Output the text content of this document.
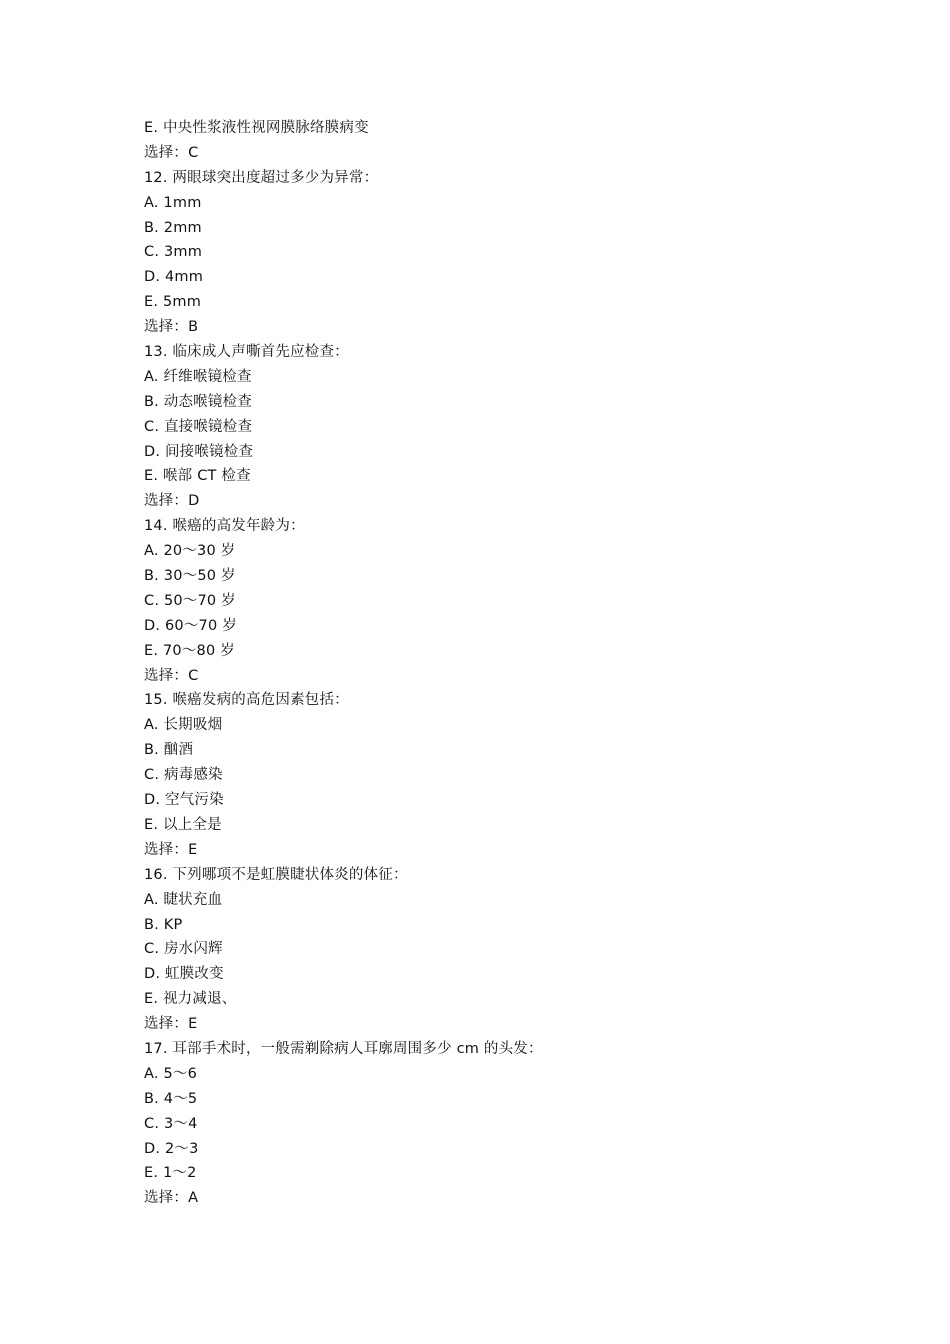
E. 中央性浆液性视网膜脉络膜病变
选择：C
12. 两眼球突出度超过多少为异常：
A. 1mm
B. 2mm
C. 3mm
D. 4mm
E. 5mm
选择：B
13. 临床成人声嘶首先应检查：
A. 纤维喉镜检查
B. 动态喉镜检查
C. 直接喉镜检查
D. 间接喉镜检查
E. 喉部 CT 检查
选择：D
14. 喉癌的高发年龄为：
A. 20～30 岁
B. 30～50 岁
C. 50～70 岁
D. 60～70 岁
E. 70～80 岁
选择：C
15. 喉癌发病的高危因素包括：
A. 长期吸烟
B. 酗酒
C. 病毒感染
D. 空气污染
E. 以上全是
选择：E
16. 下列哪项不是虹膜睫状体炎的体征：
A. 睫状充血
B. KP
C. 房水闪辉
D. 虹膜改变
E. 视力减退、
选择：E
17. 耳部手术时，一般需剃除病人耳廓周围多少 cm 的头发：
A. 5～6
B. 4～5
C. 3～4
D. 2～3
E. 1～2
选择：A
